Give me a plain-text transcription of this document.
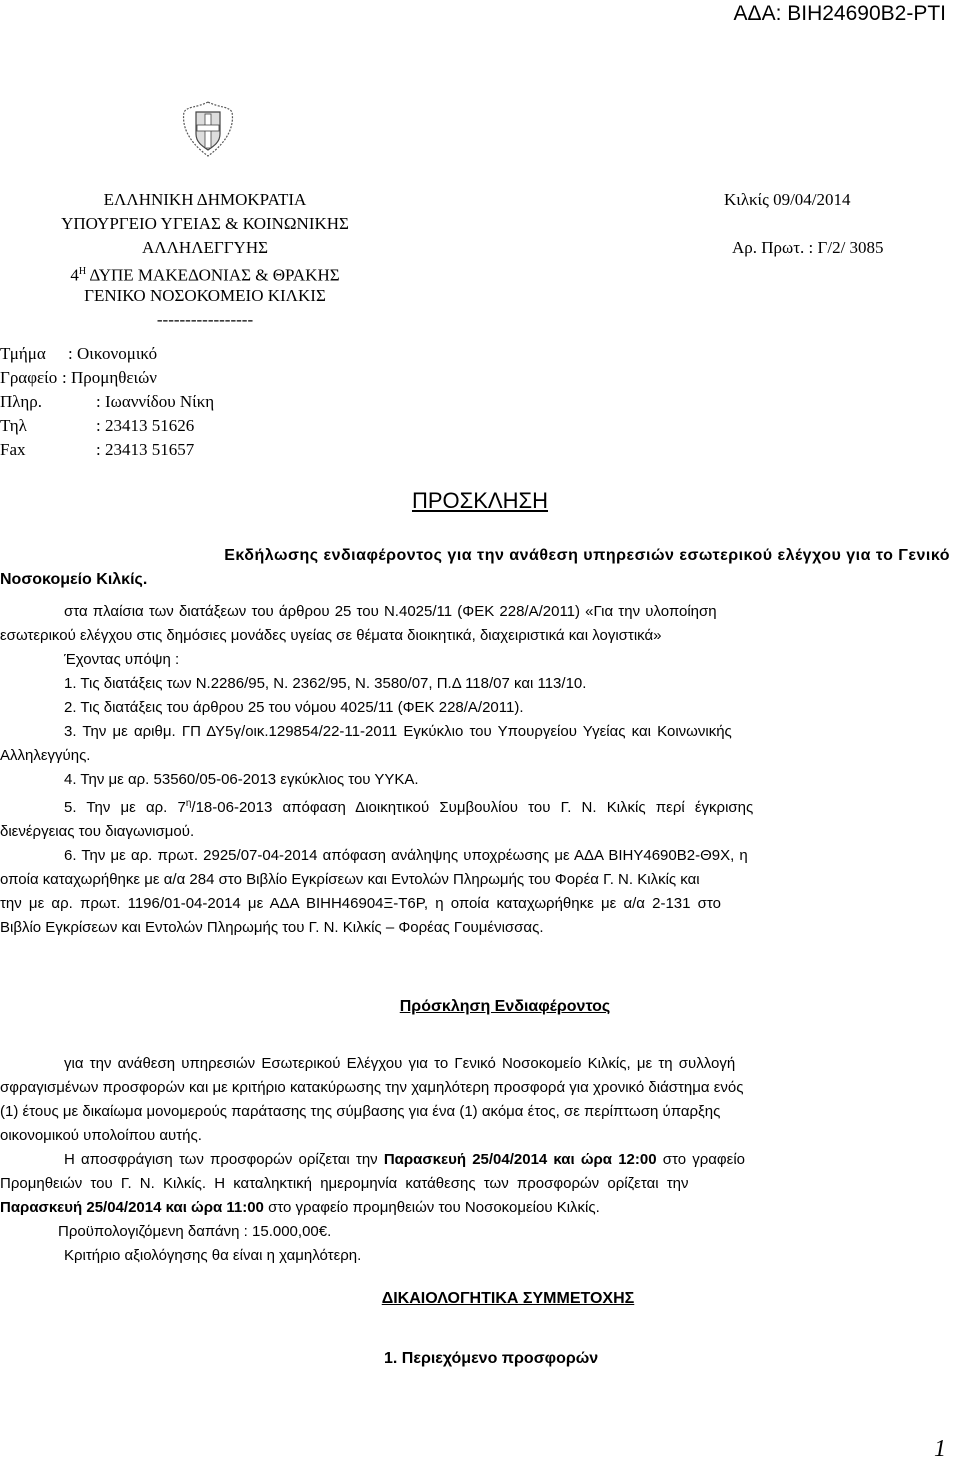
ΑΔΑ: ΒΙΗ24690Β2-ΡΤΙ
ΕΛΛΗΝΙΚΗ ΔΗΜΟΚΡΑΤΙΑ
ΥΠΟΥΡΓΕΙΟ ΥΓΕΙΑΣ & ΚΟΙΝΩΝΙΚΗΣ
ΑΛΛΗΛΕΓΓΥΗΣ
$4^H$ ΔΥΠΕ ΜΑΚΕΔΟΝΙΑΣ & ΘΡΑΚΗΣ
ΓΕΝΙΚΟ ΝΟΣΟΚΟΜΕΙΟ ΚΙΛΚΙΣ
-----------------
Κιλκίς 09/04/2014
Αρ. Πρωτ. : Γ/2/ 3085
Τμήμα : Οικονομικό
Γραφείο : Προμηθειών
Πληρ.	: Ιωαννίδου Νίκη
Τηλ	: 23413 51626
Fax	: 23413 51657
ΠΡΟΣΚΛΗΣΗ
Εκδήλωσης ενδιαφέροντος για την ανάθεση υπηρεσιών εσωτερικού ελέγχου για το Γενικό
Νοσοκομείο Κιλκίς.
στα πλαίσια των διατάξεων του άρθρου 25 του Ν.4025/11 (ΦΕΚ 228/Α/2011) «Για την υλοποίηση
εσωτερικού ελέγχου στις δημόσιες μονάδες υγείας σε θέματα διοικητικά, διαχειριστικά και λογιστικά»
Έχοντας υπόψη :
1. Τις διατάξεις των Ν.2286/95, Ν. 2362/95, Ν. 3580/07, Π.Δ 118/07 και 113/10.
2. Τις διατάξεις του άρθρου 25 του νόμου 4025/11 (ΦΕΚ 228/Α/2011).
3. Την με αριθμ. ΓΠ ΔΥ5γ/οικ.129854/22-11-2011 Εγκύκλιο του Υπουργείου Υγείας και Κοινωνικής
Αλληλεγγύης.
4. Την με αρ. 53560/05-06-2013 εγκύκλιος του ΥΥΚΑ.
5. Την με αρ. $7^\eta/18-06-2013$ απόφαση Διοικητικού Συμβουλίου του Γ. Ν. Κιλκίς περί έγκρισης
διενέργειας του διαγωνισμού.
6. Την με αρ. πρωτ. 2925/07-04-2014 απόφαση ανάληψης υποχρέωσης με ΑΔΑ ΒΙΗΥ4690Β2-Θ9Χ, η
οποία καταχωρήθηκε με α/α 284 στο Βιβλίο Εγκρίσεων και Εντολών Πληρωμής του Φορέα Γ. Ν. Κιλκίς και
την με αρ. πρωτ. 1196/01-04-2014 με ΑΔΑ ΒΙΗΗ46904Ξ-Τ6Ρ, η οποία καταχωρήθηκε με α/α 2-131 στο
Βιβλίο Εγκρίσεων και Εντολών Πληρωμής του Γ. Ν. Κιλκίς – Φορέας Γουμένισσας.
Πρόσκληση Ενδιαφέροντος
για την ανάθεση υπηρεσιών Εσωτερικού Ελέγχου για το Γενικό Νοσοκομείο Κιλκίς, με τη συλλογή
σφραγισμένων προσφορών και με κριτήριο κατακύρωσης την χαμηλότερη προσφορά για χρονικό διάστημα ενός
(1) έτους με δικαίωμα μονομερούς παράτασης της σύμβασης για ένα (1) ακόμα έτος, σε περίπτωση ύπαρξης
οικονομικού υπολοίπου αυτής.
Η αποσφράγιση των προσφορών ορίζεται την Παρασκευή 25/04/2014 και ώρα 12:00 στο γραφείο
Προμηθειών του Γ. Ν. Κιλκίς. Η καταληκτική ημερομηνία κατάθεσης των προσφορών ορίζεται την
Παρασκευή 25/04/2014 και ώρα 11:00 στο γραφείο προμηθειών του Νοσοκομείου Κιλκίς.
Προϋπολογιζόμενη δαπάνη : 15.000,00€.
Κριτήριο αξιολόγησης θα είναι η χαμηλότερη.
ΔΙΚΑΙΟΛΟΓΗΤΙΚΑ ΣΥΜΜΕΤΟΧΗΣ
1. Περιεχόμενο προσφορών
1
